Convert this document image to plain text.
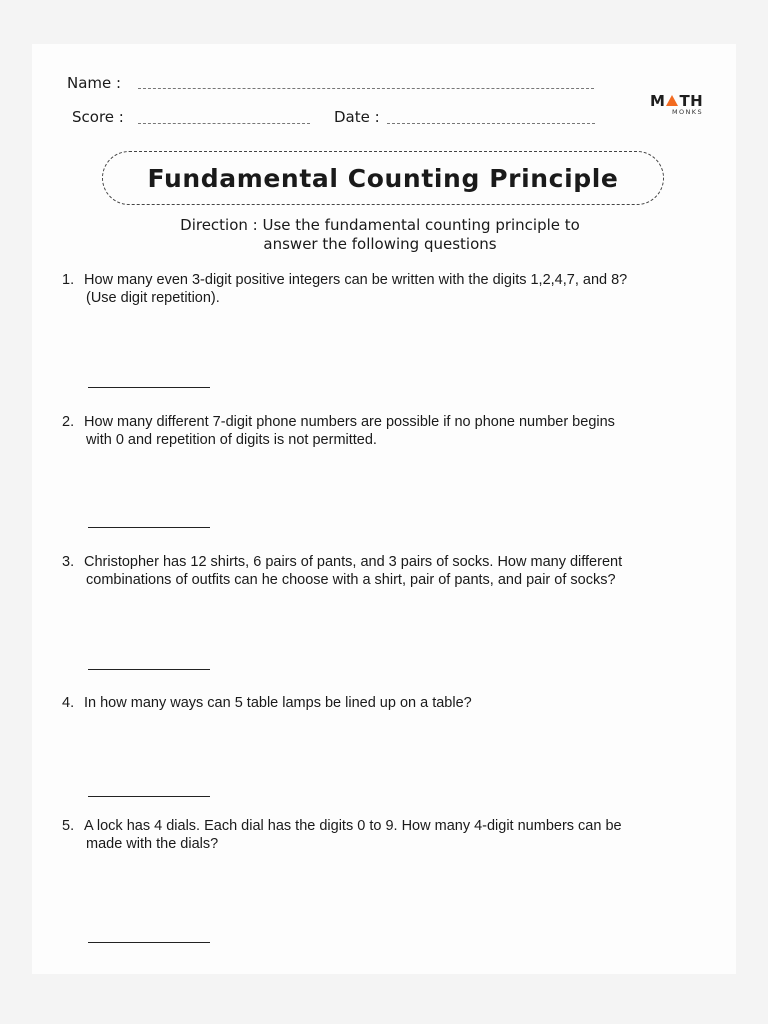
Name :
Score :	Date :
M TH
MONKS
Fundamental Counting Principle
Direction : Use the fundamental counting principle to
answer the following questions
1. How many even 3-digit positive integers can be written with the digits 1,2,4,7, and 8?
(Use digit repetition).
2. How many different 7-digit phone numbers are possible if no phone number begins
with 0 and repetition of digits is not permitted.
3. Christopher has 12 shirts, 6 pairs of pants, and 3 pairs of socks. How many different
combinations of outfits can he choose with a shirt, pair of pants, and pair of socks?
4. In how many ways can 5 table lamps be lined up on a table?
5. A lock has 4 dials. Each dial has the digits 0 to 9. How many 4-digit numbers can be
made with the dials?
